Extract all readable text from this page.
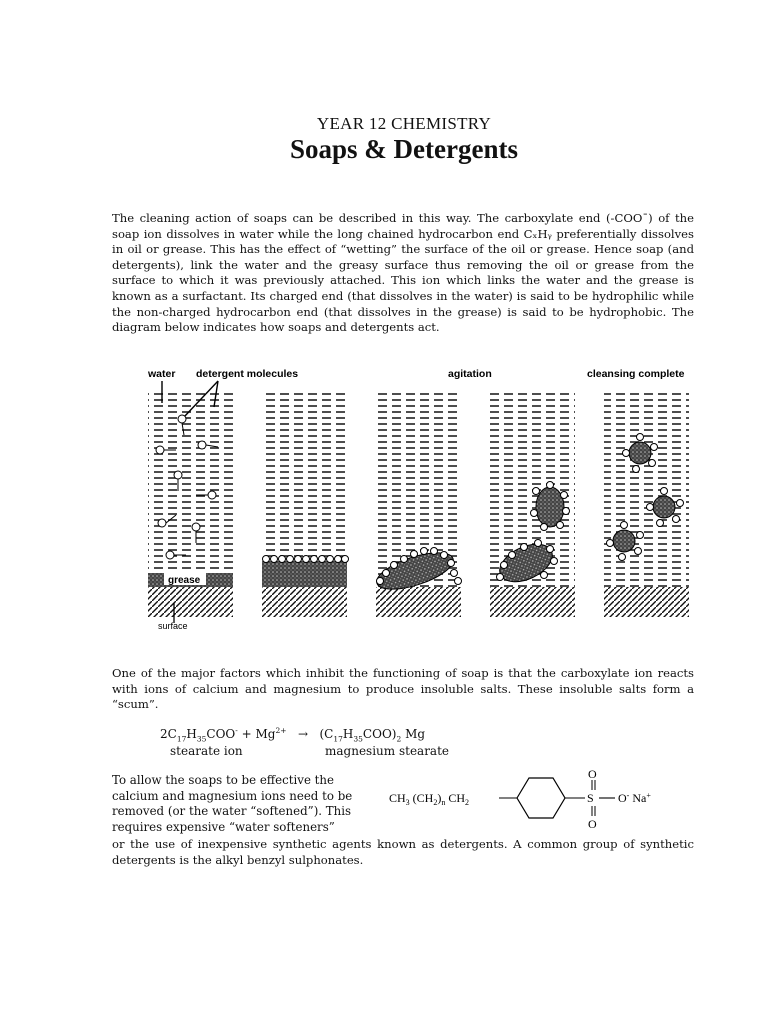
YEAR 12 CHEMISTRY
Soaps & Detergents

The cleaning action of soaps can be described in this way. The carboxylate end (-COO¯) of the soap ion dissolves in water while the long chained hydrocarbon end CₓHᵧ preferentially dissolves in oil or grease. This has the effect of “wetting” the surface of the oil or grease. Hence soap (and detergents), link the water and the greasy surface thus removing the oil or grease from the surface to which it was previously attached. This ion which links the water and the grease is known as a surfactant. Its charged end (that dissolves in the water) is said to be hydrophilic while the non-charged hydrocarbon end (that dissolves in the grease) is said to be hydrophobic. The diagram below indicates how soaps and detergents act.

water detergent molecules	agitation	cleansing complete
grease
surface

One of the major factors which inhibit the functioning of soap is that the carboxylate ion reacts with ions of calcium and magnesium to produce insoluble salts. These insoluble salts form a “scum”.

$2C_{17}H_{35}COO^- + Mg^{2+} \to (C_{17}H_{35}COO)_2$ Mg
stearate ion	magnesium stearate

To allow the soaps to be effective the calcium and magnesium ions need to be removed (or the water “softened”). This requires expensive “water softeners”

$CH_3$ $(CH_2)_n$ $CH_2$	S
O
O
O- Na+

or the use of inexpensive synthetic agents known as detergents. A common group of synthetic detergents is the alkyl benzyl sulphonates.
